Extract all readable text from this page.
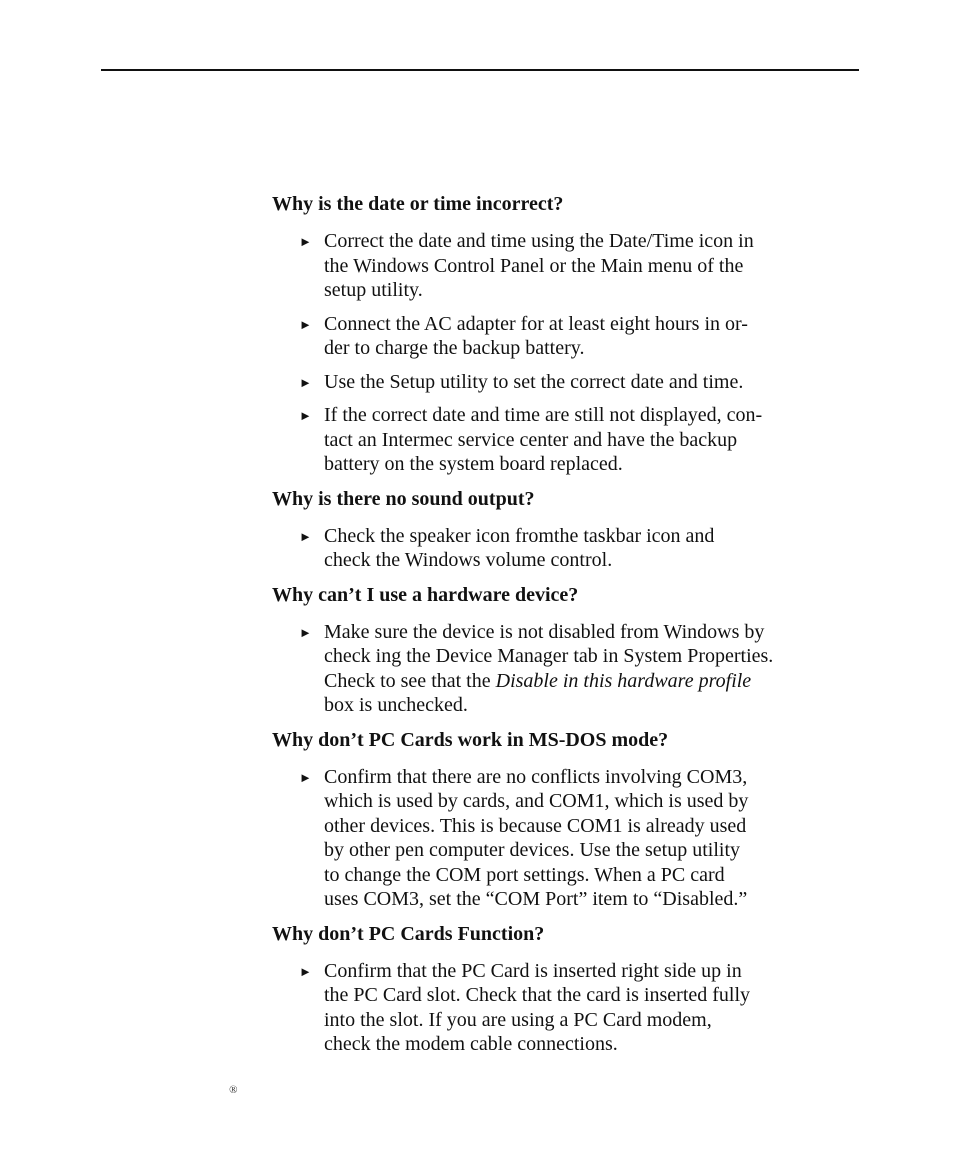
Why is the date or time incorrect?

► Correct the date and time using the Date/Time icon in
the Windows Control Panel or the Main menu of the
setup utility.
► Connect the AC adapter for at least eight hours in or-
der to charge the backup battery.
► Use the Setup utility to set the correct date and time.
► If the correct date and time are still not displayed, con-
tact an Intermec service center and have the backup
battery on the system board replaced.

Why is there no sound output?

► Check the speaker icon fromthe taskbar icon and
check the Windows volume control.

Why can’t I use a hardware device?

► Make sure the device is not disabled from Windows by
check ing the Device Manager tab in System Properties.
Check to see that the Disable in this hardware profile
box is unchecked.

Why don’t PC Cards work in MS-DOS mode?

► Confirm that there are no conflicts involving COM3,
which is used by cards, and COM1, which is used by
other devices. This is because COM1 is already used
by other pen computer devices. Use the setup utility
to change the COM port settings. When a PC card
uses COM3, set the “COM Port” item to “Disabled.”

Why don’t PC Cards Function?

► Confirm that the PC Card is inserted right side up in
the PC Card slot. Check that the card is inserted fully
into the slot. If you are using a PC Card modem,
check the modem cable connections.
®
